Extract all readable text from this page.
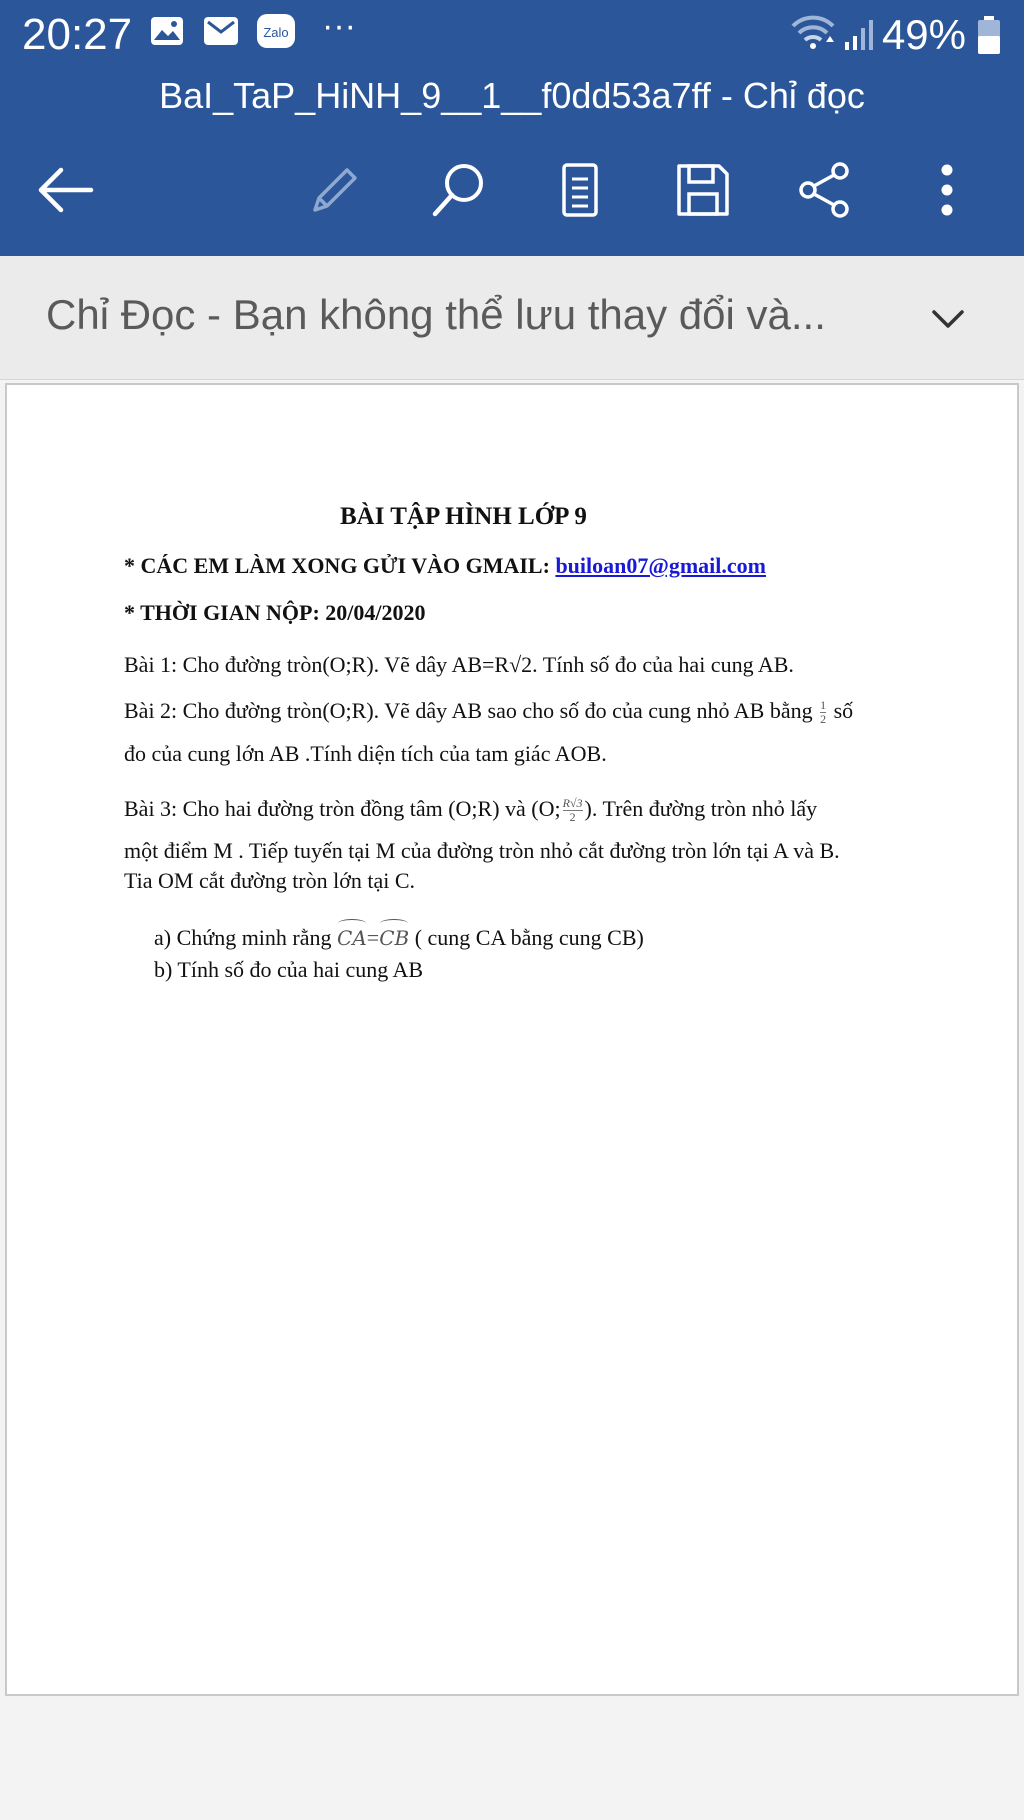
20:27	Zalo ···	49%
BaI_TaP_HiNH_9__1__f0dd53a7ff - Chỉ đọc
Chỉ Đọc - Bạn không thể lưu thay đổi và...
BÀI TẬP HÌNH LỚP 9
* CÁC EM LÀM XONG GỬI VÀO GMAIL: builoan07@gmail.com
* THỜI GIAN NỘP: 20/04/2020
Bài 1: Cho đường tròn(O;R). Vẽ dây AB=R√2. Tính số đo của hai cung AB.
Bài 2: Cho đường tròn(O;R). Vẽ dây AB sao cho số đo của cung nhỏ AB bằng $\frac{1}{2}$ số
đo của cung lớn AB .Tính diện tích của tam giác AOB.
Bài 3: Cho hai đường tròn đồng tâm (O;R) và (O; $\frac{R√3}{2}$ ). Trên đường tròn nhỏ lấy
một điểm M . Tiếp tuyến tại M của đường tròn nhỏ cắt đường tròn lớn tại A và B.
Tia OM cắt đường tròn lớn tại C.
a) Chứng minh rằng CA=CB ( cung CA bằng cung CB)
b) Tính số đo của hai cung AB
